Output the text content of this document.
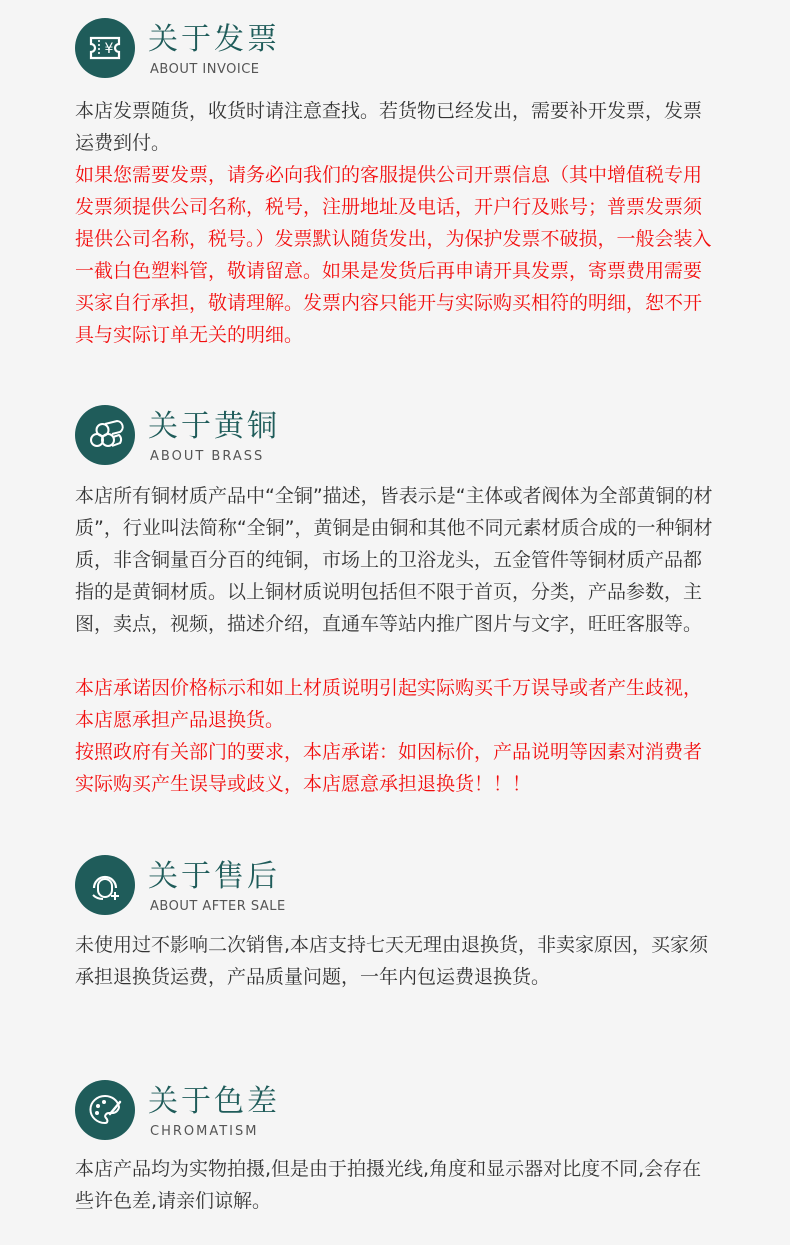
¥ 关于发票
ABOUT INVOICE

本店发票随货，收货时请注意查找。若货物已经发出，需要补开发票，发票运费到付。

如果您需要发票，请务必向我们的客服提供公司开票信息（其中增值税专用发票须提供公司名称，税号，注册地址及电话，开户行及账号；普票发票须提供公司名称，税号。）发票默认随货发出，为保护发票不破损，一般会装入一截白色塑料管，敬请留意。如果是发货后再申请开具发票，寄票费用需要买家自行承担，敬请理解。发票内容只能开与实际购买相符的明细，恕不开具与实际订单无关的明细。

关于黄铜
ABOUT BRASS

本店所有铜材质产品中“全铜”描述，皆表示是“主体或者阀体为全部黄铜的材质”，行业叫法简称“全铜”，黄铜是由铜和其他不同元素材质合成的一种铜材质，非含铜量百分百的纯铜，市场上的卫浴龙头，五金管件等铜材质产品都指的是黄铜材质。以上铜材质说明包括但不限于首页，分类，产品参数，主图，卖点，视频，描述介绍，直通车等站内推广图片与文字，旺旺客服等。

本店承诺因价格标示和如上材质说明引起实际购买千万误导或者产生歧视，本店愿承担产品退换货。

按照政府有关部门的要求，本店承诺：如因标价，产品说明等因素对消费者实际购买产生误导或歧义，本店愿意承担退换货！！！

关于售后
ABOUT AFTER SALE

未使用过不影响二次销售,本店支持七天无理由退换货，非卖家原因，买家须承担退换货运费，产品质量问题，一年内包运费退换货。

关于色差
CHROMATISM

本店产品均为实物拍摄,但是由于拍摄光线,角度和显示器对比度不同,会存在些许色差,请亲们谅解。
